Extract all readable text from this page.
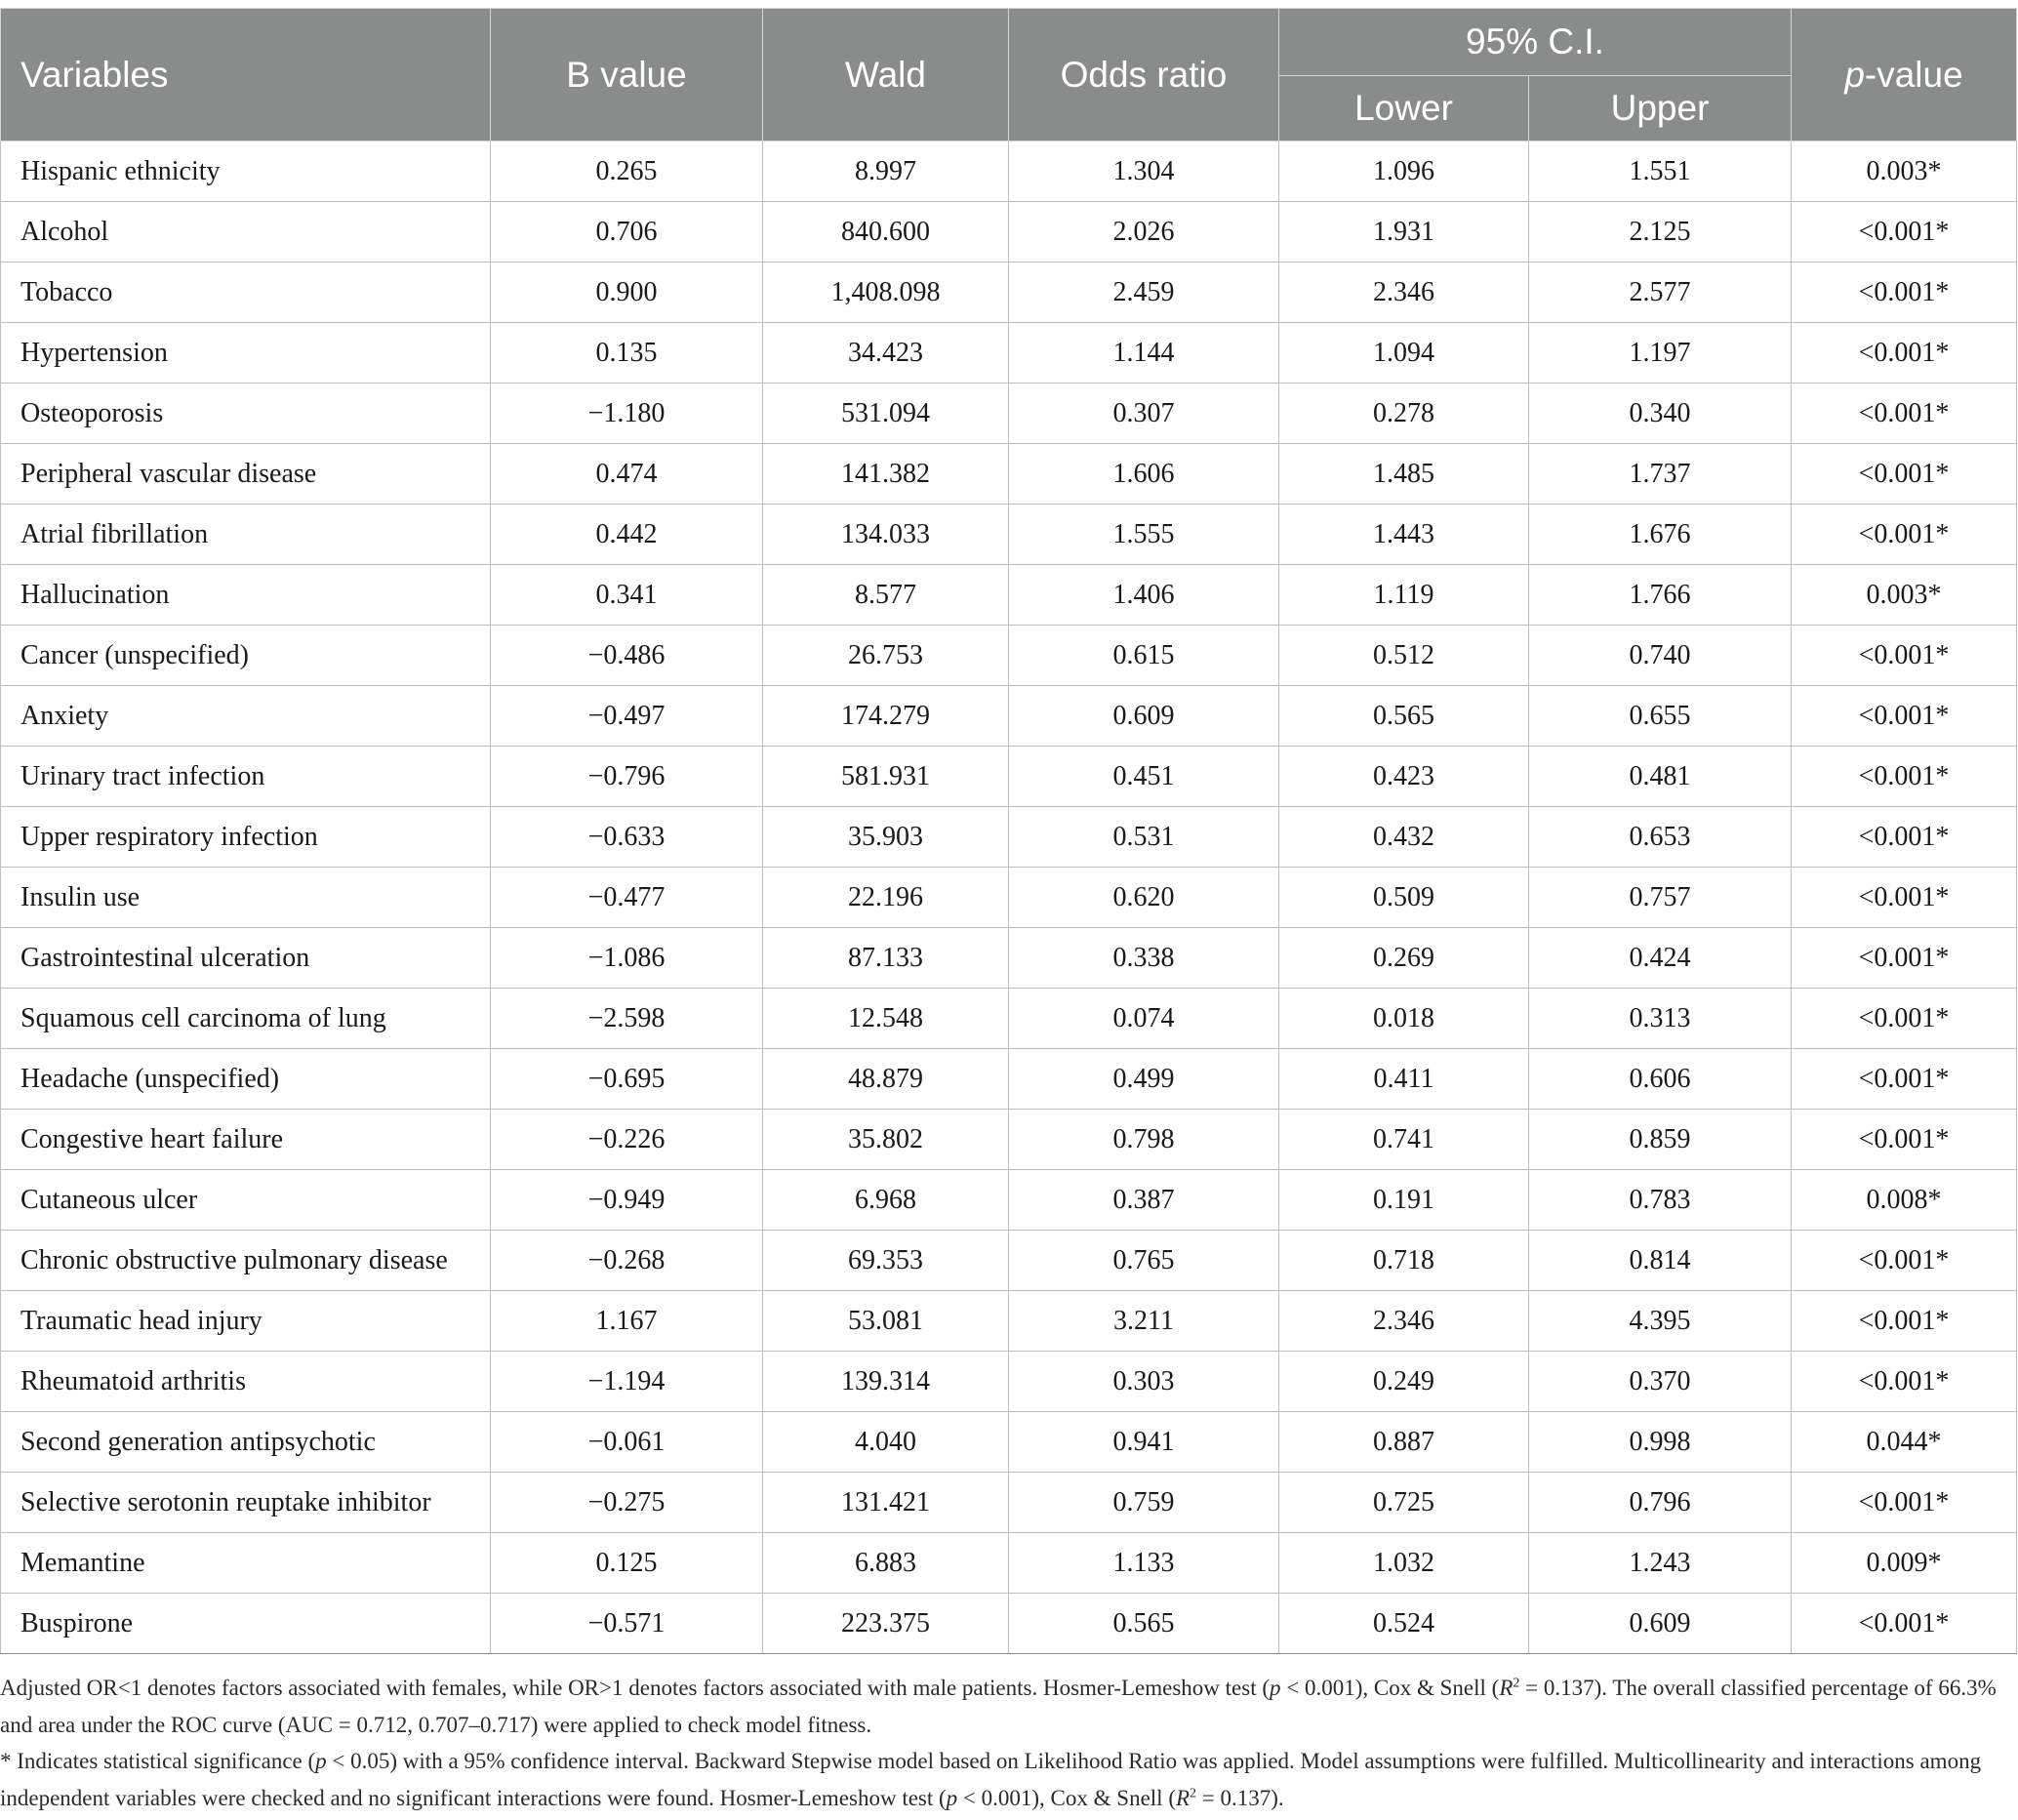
Variables	B value	Wald	Odds ratio	95% C.I.		p-value
				Lower	Upper	
Hispanic ethnicity	0.265	8.997	1.304	1.096	1.551	0.003*
Alcohol	0.706	840.600	2.026	1.931	2.125	<0.001*
Tobacco	0.900	1,408.098	2.459	2.346	2.577	<0.001*
Hypertension	0.135	34.423	1.144	1.094	1.197	<0.001*
Osteoporosis	−1.180	531.094	0.307	0.278	0.340	<0.001*
Peripheral vascular disease	0.474	141.382	1.606	1.485	1.737	<0.001*
Atrial fibrillation	0.442	134.033	1.555	1.443	1.676	<0.001*
Hallucination	0.341	8.577	1.406	1.119	1.766	0.003*
Cancer (unspecified)	−0.486	26.753	0.615	0.512	0.740	<0.001*
Anxiety	−0.497	174.279	0.609	0.565	0.655	<0.001*
Urinary tract infection	−0.796	581.931	0.451	0.423	0.481	<0.001*
Upper respiratory infection	−0.633	35.903	0.531	0.432	0.653	<0.001*
Insulin use	−0.477	22.196	0.620	0.509	0.757	<0.001*
Gastrointestinal ulceration	−1.086	87.133	0.338	0.269	0.424	<0.001*
Squamous cell carcinoma of lung	−2.598	12.548	0.074	0.018	0.313	<0.001*
Headache (unspecified)	−0.695	48.879	0.499	0.411	0.606	<0.001*
Congestive heart failure	−0.226	35.802	0.798	0.741	0.859	<0.001*
Cutaneous ulcer	−0.949	6.968	0.387	0.191	0.783	0.008*
Chronic obstructive pulmonary disease	−0.268	69.353	0.765	0.718	0.814	<0.001*
Traumatic head injury	1.167	53.081	3.211	2.346	4.395	<0.001*
Rheumatoid arthritis	−1.194	139.314	0.303	0.249	0.370	<0.001*
Second generation antipsychotic	−0.061	4.040	0.941	0.887	0.998	0.044*
Selective serotonin reuptake inhibitor	−0.275	131.421	0.759	0.725	0.796	<0.001*
Memantine	0.125	6.883	1.133	1.032	1.243	0.009*
Buspirone	−0.571	223.375	0.565	0.524	0.609	<0.001*

Adjusted OR<1 denotes factors associated with females, while OR>1 denotes factors associated with male patients. Hosmer-Lemeshow test (p < 0.001), Cox & Snell $(R^2 = 0.137)$. The overall classified percentage of 66.3% and area under the ROC curve (AUC = 0.712, 0.707–0.717) were applied to check model fitness.

* Indicates statistical significance (p < 0.05) with a 95% confidence interval. Backward Stepwise model based on Likelihood Ratio was applied. Model assumptions were fulfilled. Multicollinearity and interactions among independent variables were checked and no significant interactions were found. Hosmer-Lemeshow test (p < 0.001), Cox & Snell $(R^2 = 0.137)$.
